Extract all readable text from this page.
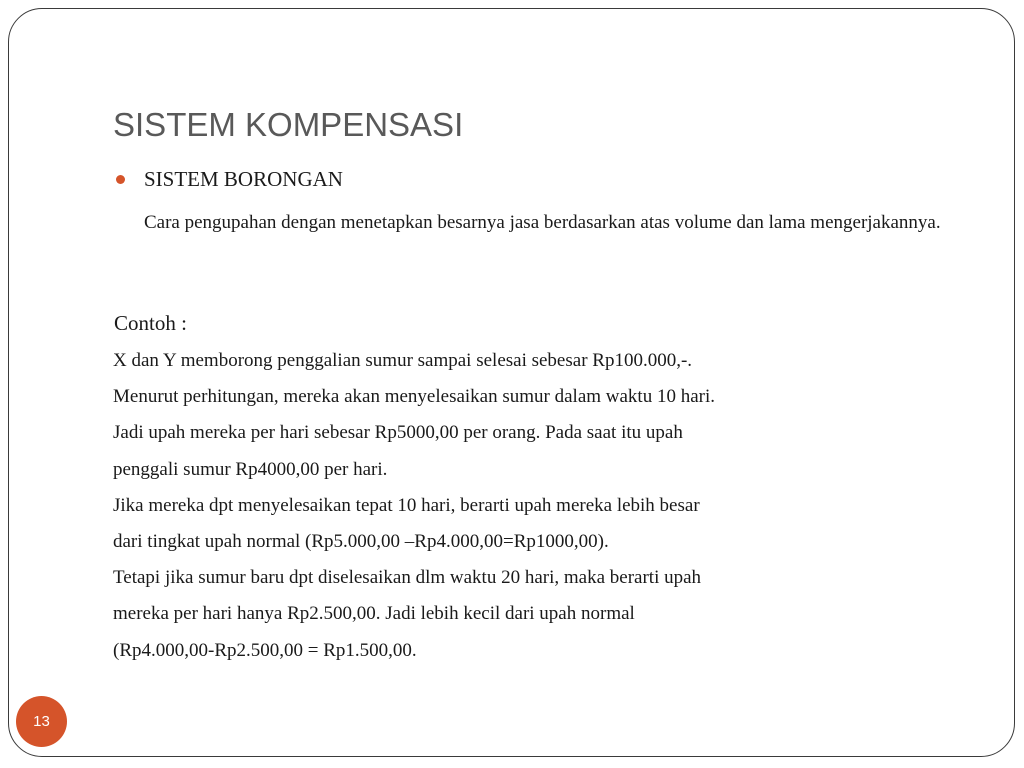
SISTEM KOMPENSASI
SISTEM BORONGAN
Cara pengupahan dengan menetapkan besarnya jasa berdasarkan atas volume dan lama mengerjakannya.
Contoh :
X dan Y memborong penggalian sumur sampai selesai sebesar Rp100.000,-.
Menurut perhitungan, mereka akan menyelesaikan sumur dalam waktu 10 hari.
Jadi upah mereka per hari sebesar Rp5000,00 per orang. Pada saat itu upah
penggali sumur Rp4000,00 per hari.
Jika mereka dpt menyelesaikan tepat 10 hari, berarti upah mereka lebih besar
dari tingkat upah normal (Rp5.000,00 –Rp4.000,00=Rp1000,00).
Tetapi jika sumur baru dpt diselesaikan dlm waktu 20 hari, maka berarti upah
mereka per hari hanya Rp2.500,00. Jadi lebih kecil dari upah normal
(Rp4.000,00-Rp2.500,00 = Rp1.500,00.
13
